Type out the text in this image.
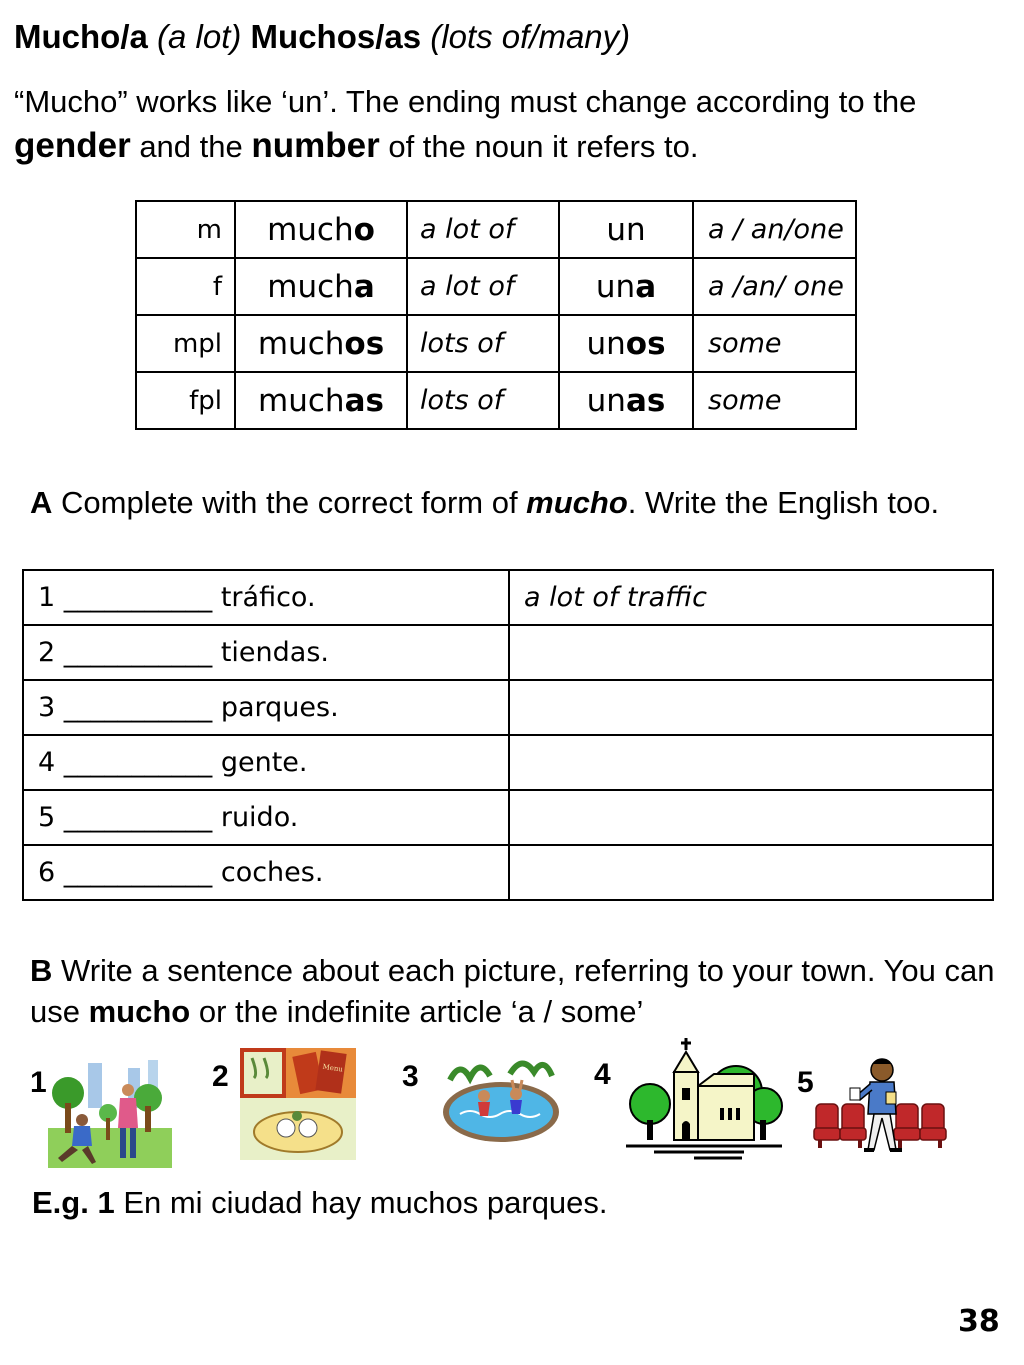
Mucho/a (a lot) Muchos/as (lots of/many)
“Mucho” works like ‘un’. The ending must change according to the gender and the number of the noun it refers to.
m	mucho	a lot of	un	a / an/one
f	mucha	a lot of	una	a /an/ one
mpl	muchos	lots of	unos	some
fpl	muchas	lots of	unas	some
A Complete with the correct form of mucho. Write the English too.
1 ___________ tráfico.	a lot of traffic
2 ___________ tiendas.	
3 ___________ parques.	
4 ___________ gente.	
5 ___________ ruido.	
6 ___________ coches.	
B Write a sentence about each picture, referring to your town. You can use mucho or the indefinite article ‘a / some’
1	2	3	4	5
Menu
E.g. 1 En mi ciudad hay muchos parques.
38
